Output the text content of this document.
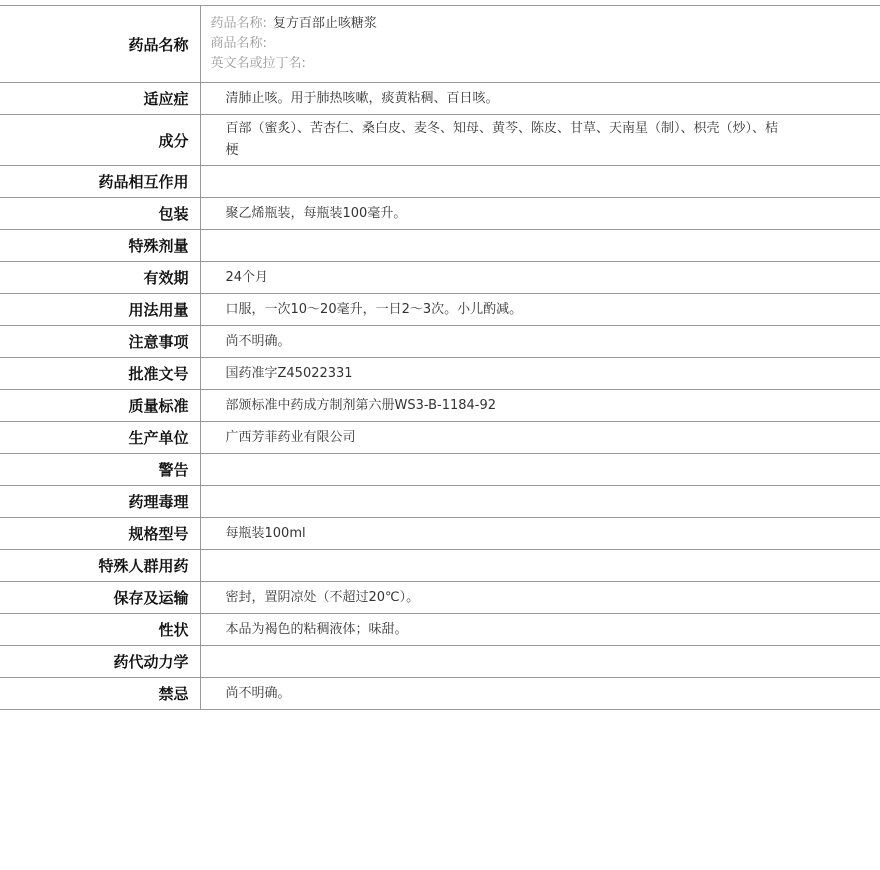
药品名称	药品名称: 复方百部止咳糖浆
商品名称:
英文名或拉丁名:

适应症	清肺止咳。用于肺热咳嗽，痰黄粘稠、百日咳。
成分	百部（蜜炙）、苦杏仁、桑白皮、麦冬、知母、黄芩、陈皮、甘草、天南星（制）、枳壳（炒）、桔梗
药品相互作用	
包装	聚乙烯瓶装，每瓶装100毫升。
特殊剂量	
有效期	24个月
用法用量	口服，一次10～20毫升，一日2～3次。小儿酌减。
注意事项	尚不明确。
批准文号	国药准字Z45022331
质量标准	部颁标准中药成方制剂第六册WS3-B-1184-92
生产单位	广西芳菲药业有限公司
警告	
药理毒理	
规格型号	每瓶装100ml
特殊人群用药	
保存及运输	密封，置阴凉处（不超过20℃）。
性状	本品为褐色的粘稠液体；味甜。
药代动力学	
禁忌	尚不明确。
